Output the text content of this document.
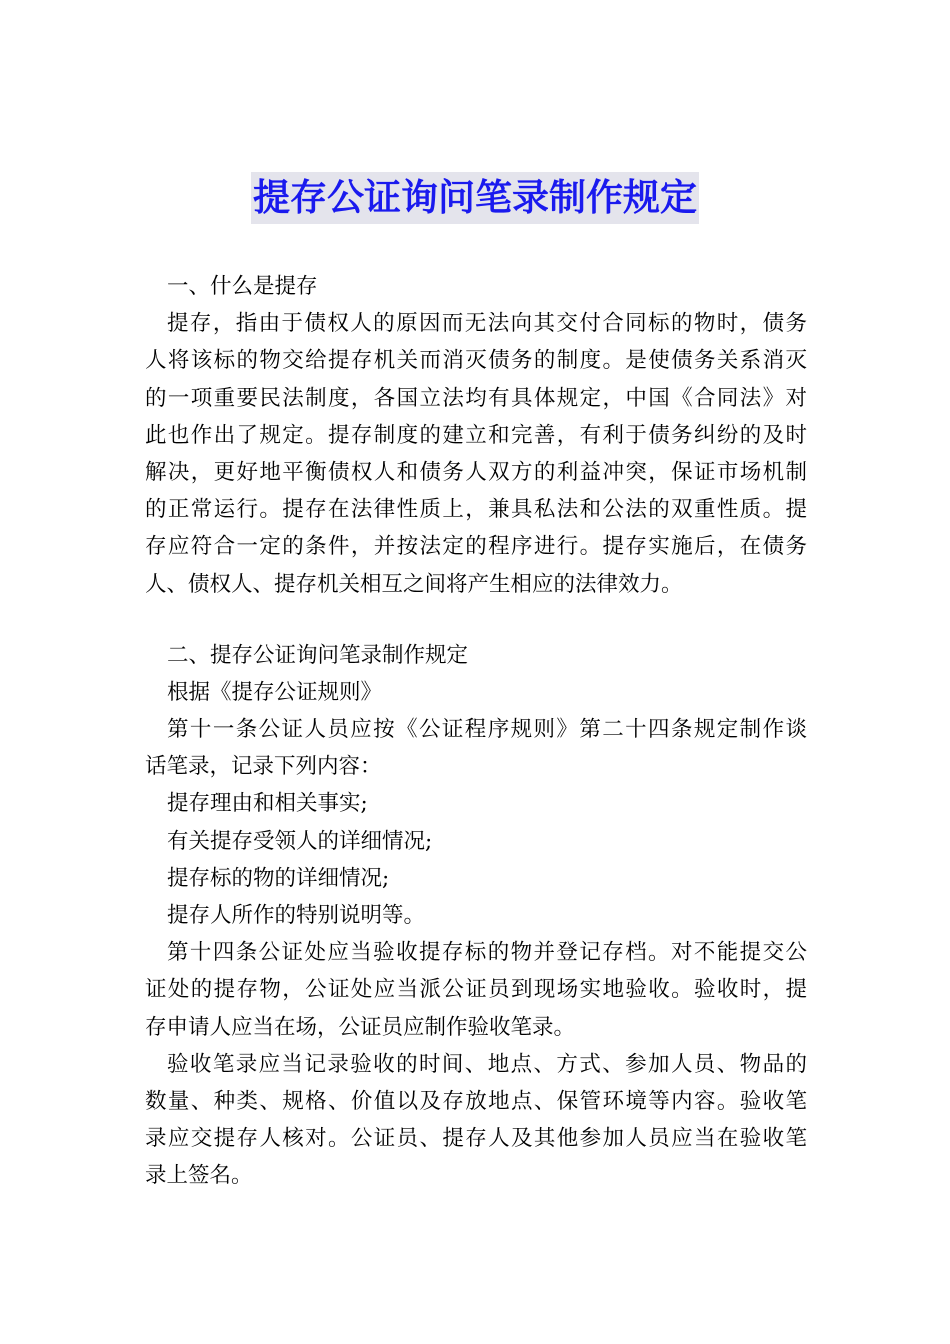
提存公证询问笔录制作规定
一、什么是提存
提存，指由于债权人的原因而无法向其交付合同标的物时，债务
人将该标的物交给提存机关而消灭债务的制度。是使债务关系消灭
的一项重要民法制度，各国立法均有具体规定，中国《合同法》对
此也作出了规定。提存制度的建立和完善，有利于债务纠纷的及时
解决，更好地平衡债权人和债务人双方的利益冲突，保证市场机制
的正常运行。提存在法律性质上，兼具私法和公法的双重性质。提
存应符合一定的条件，并按法定的程序进行。提存实施后，在债务
人、债权人、提存机关相互之间将产生相应的法律效力。
二、提存公证询问笔录制作规定
根据《提存公证规则》
第十一条公证人员应按《公证程序规则》第二十四条规定制作谈
话笔录，记录下列内容：
提存理由和相关事实;
有关提存受领人的详细情况;
提存标的物的详细情况;
提存人所作的特别说明等。
第十四条公证处应当验收提存标的物并登记存档。对不能提交公
证处的提存物，公证处应当派公证员到现场实地验收。验收时，提
存申请人应当在场，公证员应制作验收笔录。
验收笔录应当记录验收的时间、地点、方式、参加人员、物品的
数量、种类、规格、价值以及存放地点、保管环境等内容。验收笔
录应交提存人核对。公证员、提存人及其他参加人员应当在验收笔
录上签名。
